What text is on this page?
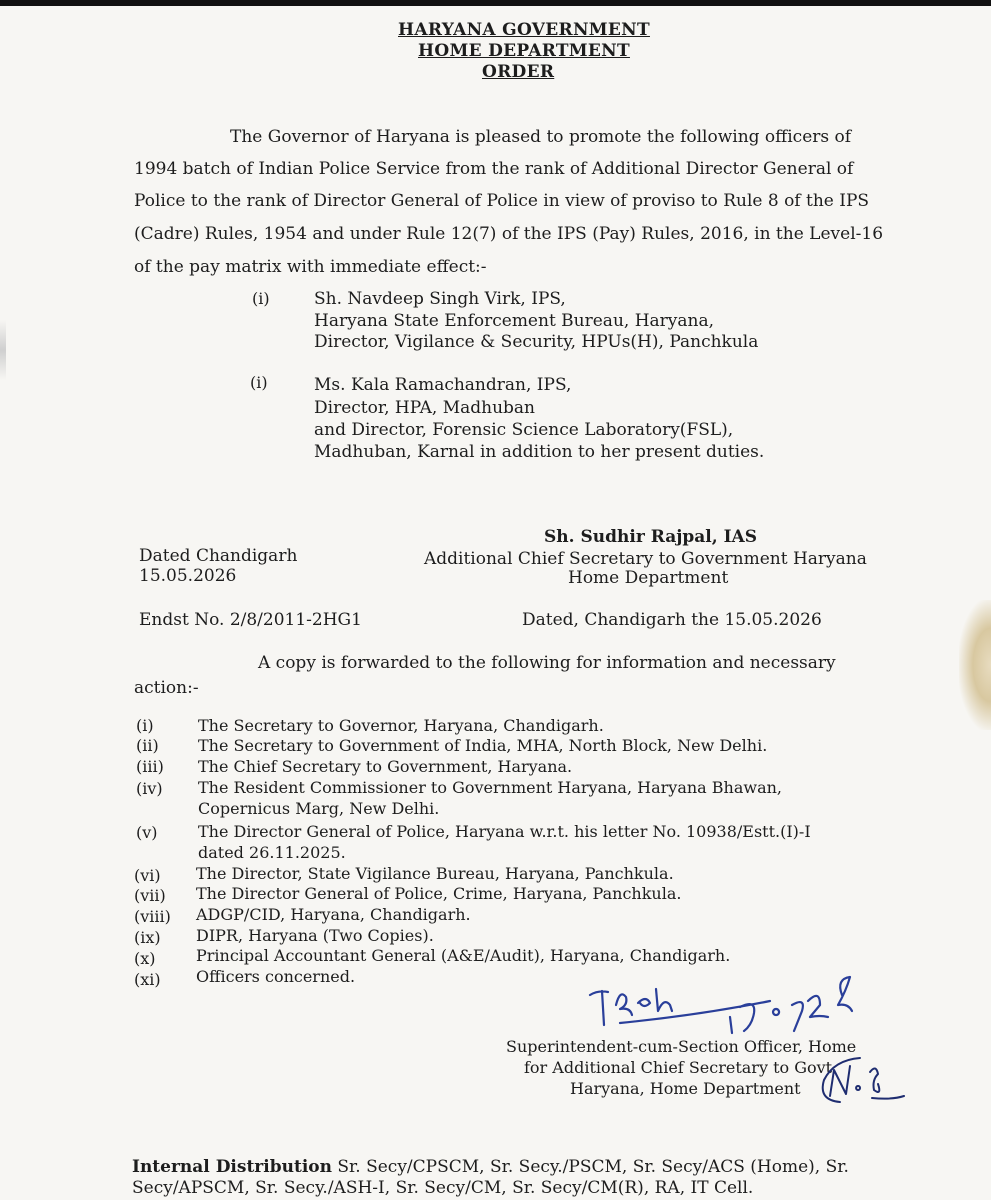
HARYANA GOVERNMENT
HOME DEPARTMENT
ORDER
The Governor of Haryana is pleased to promote the following officers of
1994 batch of Indian Police Service from the rank of Additional Director General of
Police to the rank of Director General of Police in view of proviso to Rule 8 of the IPS
(Cadre) Rules, 1954 and under Rule 12(7) of the IPS (Pay) Rules, 2016, in the Level-16
of the pay matrix with immediate effect:-
(i)	Sh. Navdeep Singh Virk, IPS,
Haryana State Enforcement Bureau, Haryana,
Director, Vigilance & Security, HPUs(H), Panchkula
(i)	Ms. Kala Ramachandran, IPS,
Director, HPA, Madhuban
and Director, Forensic Science Laboratory(FSL),
Madhuban, Karnal in addition to her present duties.
Sh. Sudhir Rajpal, IAS
Additional Chief Secretary to Government Haryana
Home Department
Dated Chandigarh
15.05.2026
Endst No. 2/8/2011-2HG1	Dated, Chandigarh the 15.05.2026
A copy is forwarded to the following for information and necessary
action:-
(i)	The Secretary to Governor, Haryana, Chandigarh.
(ii) The Secretary to Government of India, MHA, North Block, New Delhi.
(iii) The Chief Secretary to Government, Haryana.
(iv) The Resident Commissioner to Government Haryana, Haryana Bhawan,
Copernicus Marg, New Delhi.
(v)	The Director General of Police, Haryana w.r.t. his letter No. 10938/Estt.(I)-I
dated 26.11.2025.
(vi) The Director, State Vigilance Bureau, Haryana, Panchkula.
(vii) The Director General of Police, Crime, Haryana, Panchkula.
(viii) ADGP/CID, Haryana, Chandigarh.
(ix) DIPR, Haryana (Two Copies).
(x)	Principal Accountant General (A&E/Audit), Haryana, Chandigarh.
(xi) Officers concerned.
Superintendent-cum-Section Officer, Home
for Additional Chief Secretary to Govt.
Haryana, Home Department
Internal Distribution Sr. Secy/CPSCM, Sr. Secy./PSCM, Sr. Secy/ACS (Home), Sr.
Secy/APSCM, Sr. Secy./ASH-I, Sr. Secy/CM, Sr. Secy/CM(R), RA, IT Cell.
